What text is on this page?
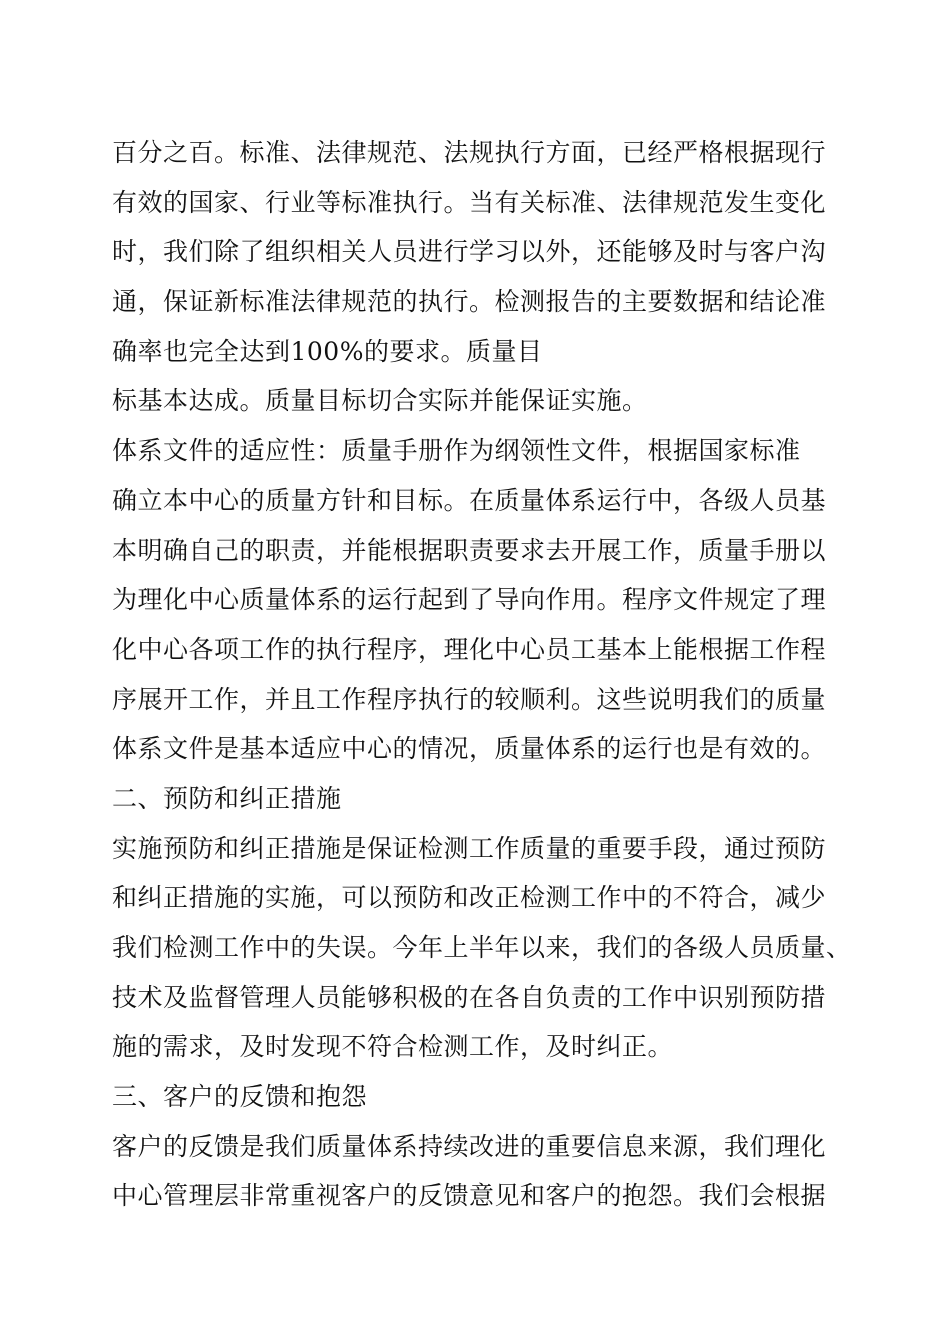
百分之百。标准、法律规范、法规执行方面，已经严格根据现行
有效的国家、行业等标准执行。当有关标准、法律规范发生变化
时，我们除了组织相关人员进行学习以外，还能够及时与客户沟
通，保证新标准法律规范的执行。检测报告的主要数据和结论准
确率也完全达到100%的要求。质量目
标基本达成。质量目标切合实际并能保证实施。
体系文件的适应性：质量手册作为纲领性文件，根据国家标准
确立本中心的质量方针和目标。在质量体系运行中，各级人员基
本明确自己的职责，并能根据职责要求去开展工作，质量手册以
为理化中心质量体系的运行起到了导向作用。程序文件规定了理
化中心各项工作的执行程序，理化中心员工基本上能根据工作程
序展开工作，并且工作程序执行的较顺利。这些说明我们的质量
体系文件是基本适应中心的情况，质量体系的运行也是有效的。
二、预防和纠正措施
实施预防和纠正措施是保证检测工作质量的重要手段，通过预防
和纠正措施的实施，可以预防和改正检测工作中的不符合，减少
我们检测工作中的失误。今年上半年以来，我们的各级人员质量、
技术及监督管理人员能够积极的在各自负责的工作中识别预防措
施的需求，及时发现不符合检测工作，及时纠正。
三、客户的反馈和抱怨
客户的反馈是我们质量体系持续改进的重要信息来源，我们理化
中心管理层非常重视客户的反馈意见和客户的抱怨。我们会根据
